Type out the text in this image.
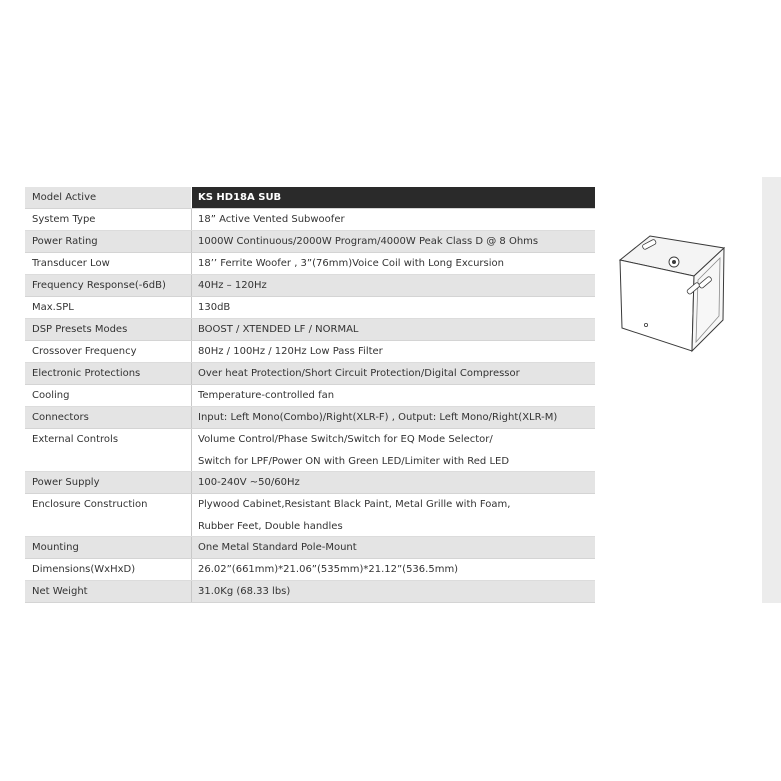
Model Active	KS HD18A SUB
System Type	18” Active Vented Subwoofer
Power Rating	1000W Continuous/2000W Program/4000W Peak Class D @ 8 Ohms
Transducer Low	18’’ Ferrite Woofer , 3”(76mm)Voice Coil with Long Excursion
Frequency Response(-6dB)	40Hz – 120Hz
Max.SPL	130dB
DSP Presets Modes	BOOST / XTENDED LF / NORMAL
Crossover Frequency	80Hz / 100Hz / 120Hz Low Pass Filter
Electronic Protections	Over heat Protection/Short Circuit Protection/Digital Compressor
Cooling	Temperature-controlled fan
Connectors	Input: Left Mono(Combo)/Right(XLR-F) , Output: Left Mono/Right(XLR-M)
External Controls	Volume Control/Phase Switch/Switch for EQ Mode Selector/
Switch for LPF/Power ON with Green LED/Limiter with Red LED
Power Supply	100-240V ~50/60Hz
Enclosure Construction	Plywood Cabinet,Resistant Black Paint, Metal Grille with Foam,
Rubber Feet, Double handles
Mounting	One Metal Standard Pole-Mount
Dimensions(WxHxD)	26.02”(661mm)*21.06”(535mm)*21.12”(536.5mm)
Net Weight	31.0Kg (68.33 lbs)
